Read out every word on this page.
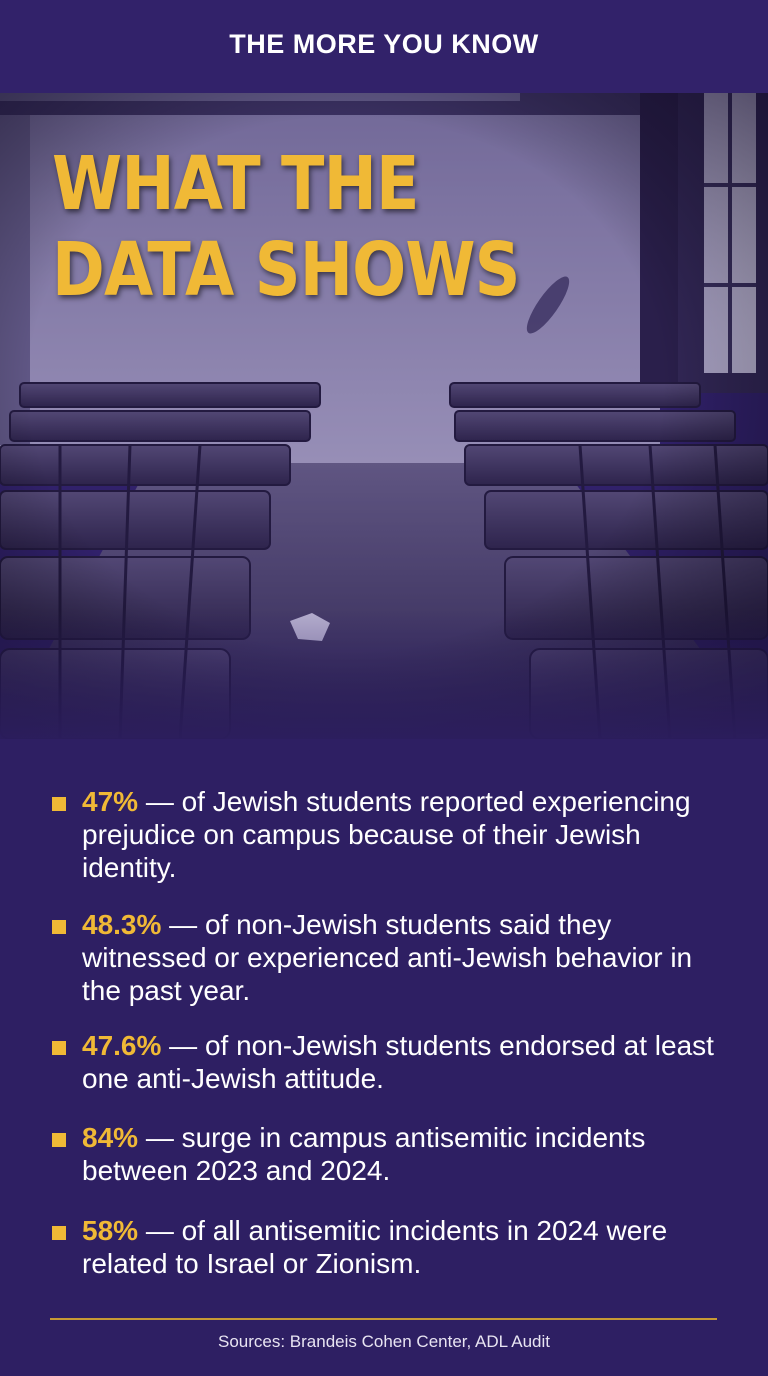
THE MORE YOU KNOW
WHAT THE
DATA SHOWS
47% — of Jewish students reported experiencing prejudice on campus because of their Jewish identity.
48.3% — of non-Jewish students said they witnessed or experienced anti-Jewish behavior in the past year.
47.6% — of non-Jewish students endorsed at least one anti-Jewish attitude.
84% — surge in campus antisemitic incidents between 2023 and 2024.
58% — of all antisemitic incidents in 2024 were related to Israel or Zionism.
Sources: Brandeis Cohen Center, ADL Audit
